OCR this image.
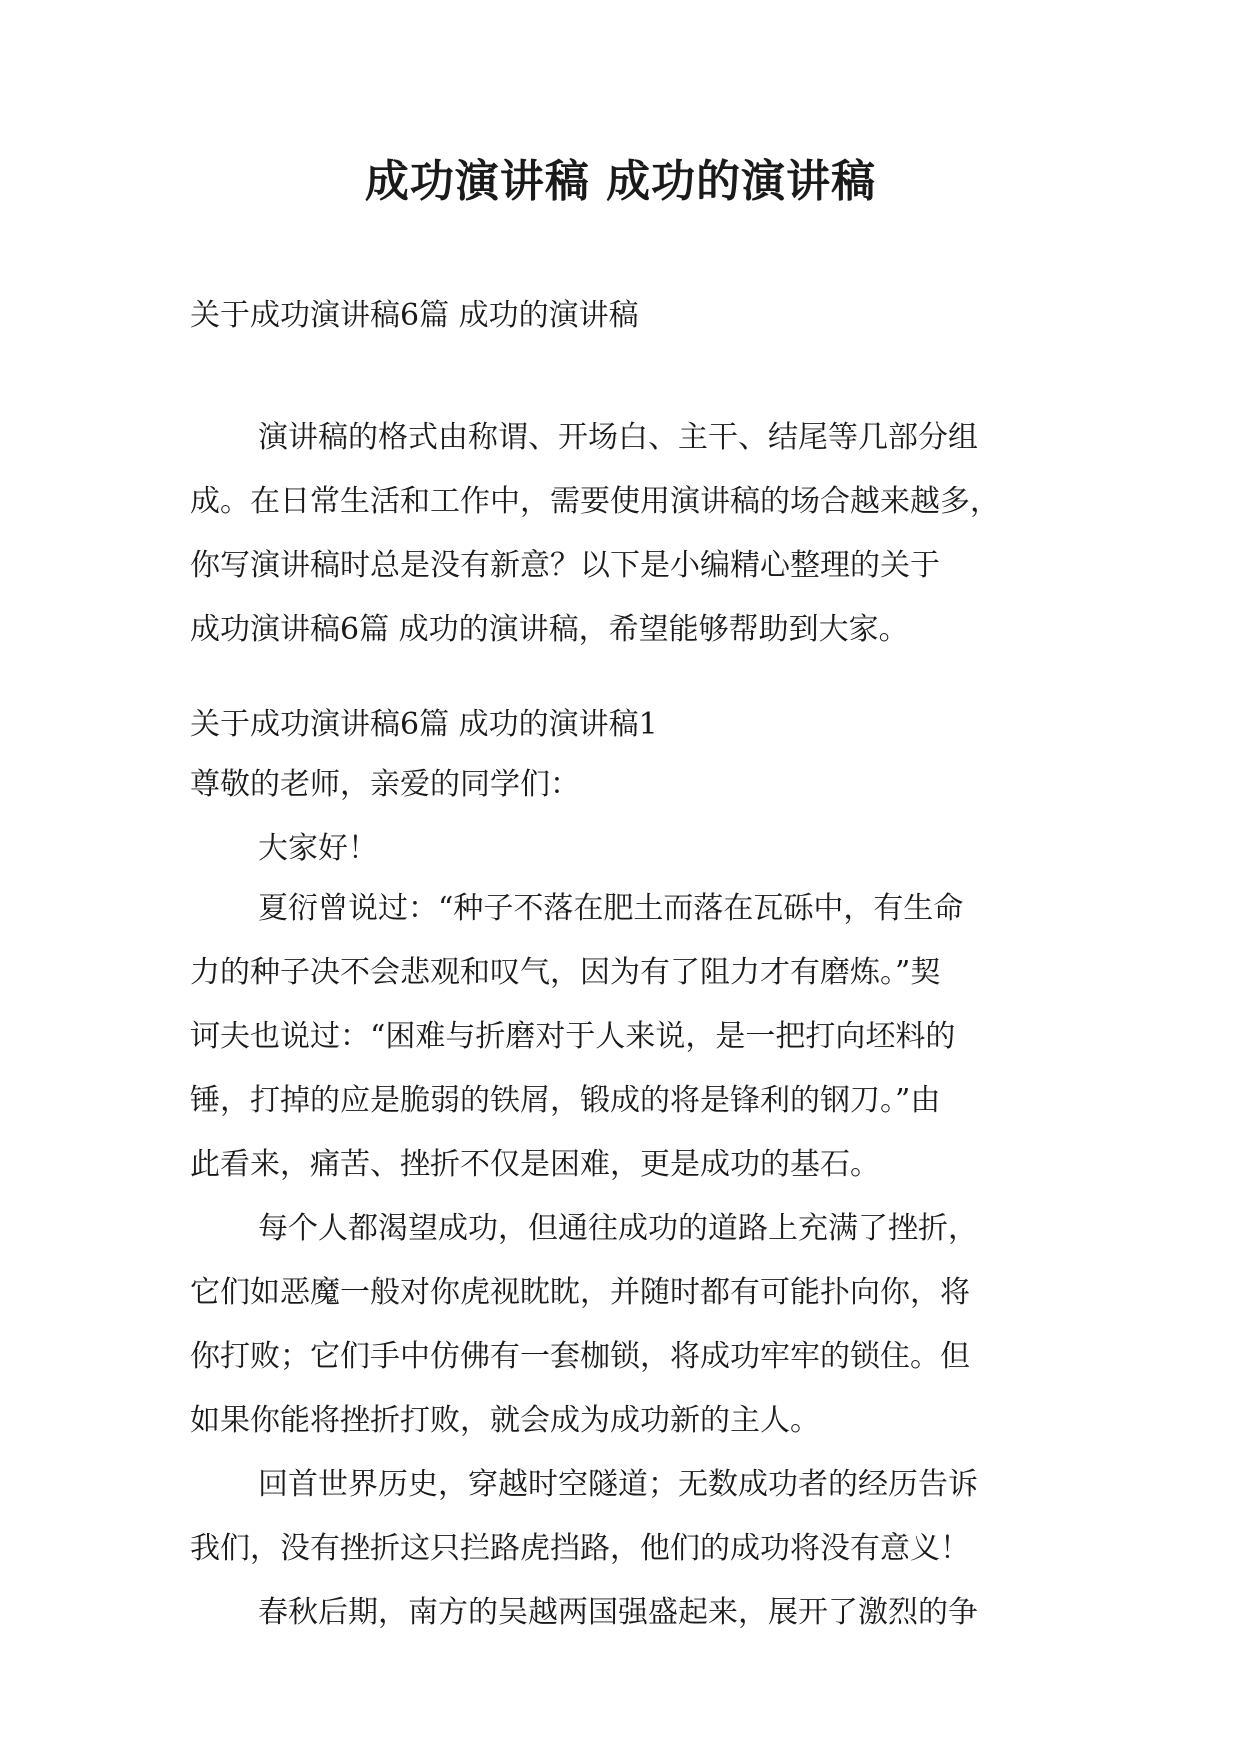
成功演讲稿 成功的演讲稿
关于成功演讲稿6篇 成功的演讲稿
演讲稿的格式由称谓、开场白、主干、结尾等几部分组
成。在日常生活和工作中，需要使用演讲稿的场合越来越多，
你写演讲稿时总是没有新意？以下是小编精心整理的关于
成功演讲稿6篇 成功的演讲稿，希望能够帮助到大家。
关于成功演讲稿6篇 成功的演讲稿1
尊敬的老师，亲爱的同学们：
大家好！
夏衍曾说过：“种子不落在肥土而落在瓦砾中，有生命
力的种子决不会悲观和叹气，因为有了阻力才有磨炼。”契
诃夫也说过：“困难与折磨对于人来说，是一把打向坯料的
锤，打掉的应是脆弱的铁屑，锻成的将是锋利的钢刀。”由
此看来，痛苦、挫折不仅是困难，更是成功的基石。
每个人都渴望成功，但通往成功的道路上充满了挫折，
它们如恶魔一般对你虎视眈眈，并随时都有可能扑向你，将
你打败；它们手中仿佛有一套枷锁，将成功牢牢的锁住。但
如果你能将挫折打败，就会成为成功新的主人。
回首世界历史，穿越时空隧道；无数成功者的经历告诉
我们，没有挫折这只拦路虎挡路，他们的成功将没有意义！
春秋后期，南方的吴越两国强盛起来，展开了激烈的争
